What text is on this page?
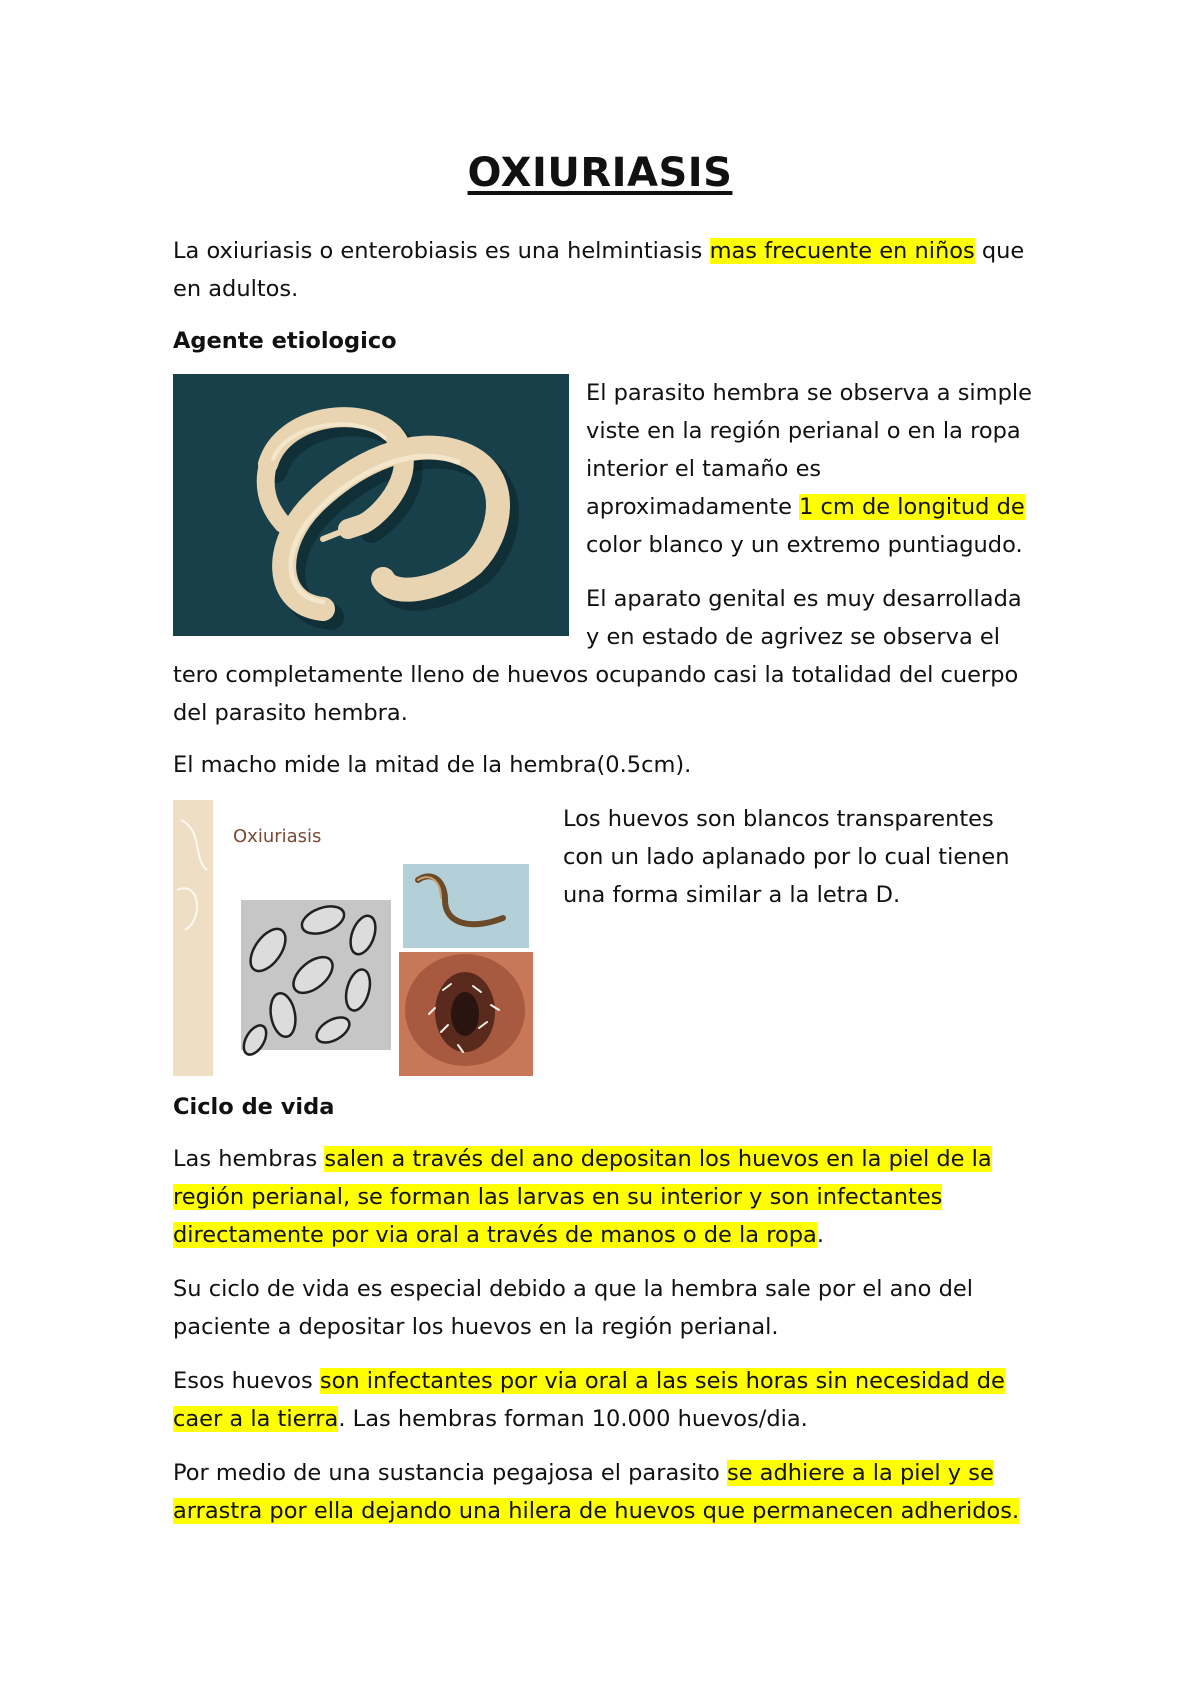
OXIURIASIS

La oxiuriasis o enterobiasis es una helmintiasis mas frecuente en niños que

en adultos.

Agente etiologico

El parasito hembra se observa a simple

viste en la región perianal o en la ropa

interior el tamaño es

aproximadamente 1 cm de longitud de

color blanco y un extremo puntiagudo.

El aparato genital es muy desarrollada

y en estado de agrivez se observa el

tero completamente lleno de huevos ocupando casi la totalidad del cuerpo

del parasito hembra.

El macho mide la mitad de la hembra(0.5cm).

Oxiuriasis

Los huevos son blancos transparentes

con un lado aplanado por lo cual tienen

una forma similar a la letra D.

Ciclo de vida

Las hembras salen a través del ano depositan los huevos en la piel de la

región perianal, se forman las larvas en su interior y son infectantes

directamente por via oral a través de manos o de la ropa.

Su ciclo de vida es especial debido a que la hembra sale por el ano del

paciente a depositar los huevos en la región perianal.

Esos huevos son infectantes por via oral a las seis horas sin necesidad de

caer a la tierra. Las hembras forman 10.000 huevos/dia.

Por medio de una sustancia pegajosa el parasito se adhiere a la piel y se

arrastra por ella dejando una hilera de huevos que permanecen adheridos.
